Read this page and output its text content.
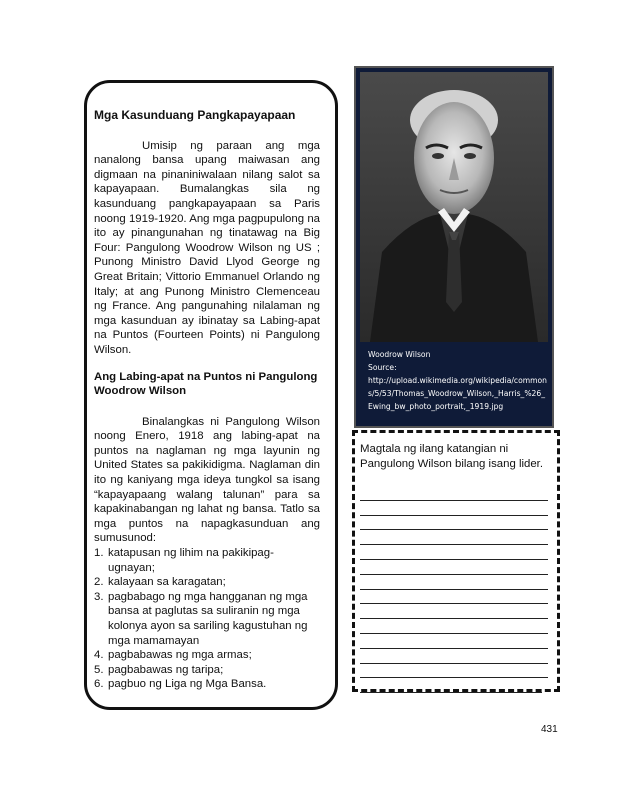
Mga Kasunduang Pangkapayapaan

Umisip ng paraan ang mga nanalong bansa upang maiwasan ang digmaan na pinaniniwalaan nilang salot sa kapayapaan. Bumalangkas sila ng kasunduang pangkapayapaan sa Paris noong 1919-1920. Ang mga pagpupulong na ito ay pinangunahan ng tinatawag na Big Four: Pangulong Woodrow Wilson ng US ; Punong Ministro David Llyod George ng Great Britain; Vittorio Emmanuel Orlando ng Italy; at ang Punong Ministro Clemenceau ng France. Ang pangunahing nilalaman ng mga kasunduan ay ibinatay sa Labing-apat na Puntos (Fourteen Points) ni Pangulong Wilson.

Ang Labing-apat na Puntos ni Pangulong Woodrow Wilson

Binalangkas ni Pangulong Wilson noong Enero, 1918 ang labing-apat na puntos na naglaman ng mga layunin ng United States sa pakikidigma. Naglaman din ito ng kaniyang mga ideya tungkol sa isang “kapayapaang walang talunan” para sa kapakinabangan ng lahat ng bansa. Tatlo sa mga puntos na napagkasunduan ang sumusunod:

1. katapusan ng lihim na pakikipag-ugnayan;
2. kalayaan sa karagatan;
3. pagbabago ng mga hangganan ng mga bansa at paglutas sa suliranin ng mga kolonya ayon sa sariling kagustuhan ng mga mamamayan
4. pagbabawas ng mga armas;
5. pagbabawas ng taripa;
6. pagbuo ng Liga ng Mga Bansa.
Woodrow Wilson
Source:
http://upload.wikimedia.org/wikipedia/commons/5/53/Thomas_Woodrow_Wilson,_Harris_%26_Ewing_bw_photo_portrait,_1919.jpg
Magtala ng ilang katangian ni Pangulong Wilson bilang isang lider.
431
